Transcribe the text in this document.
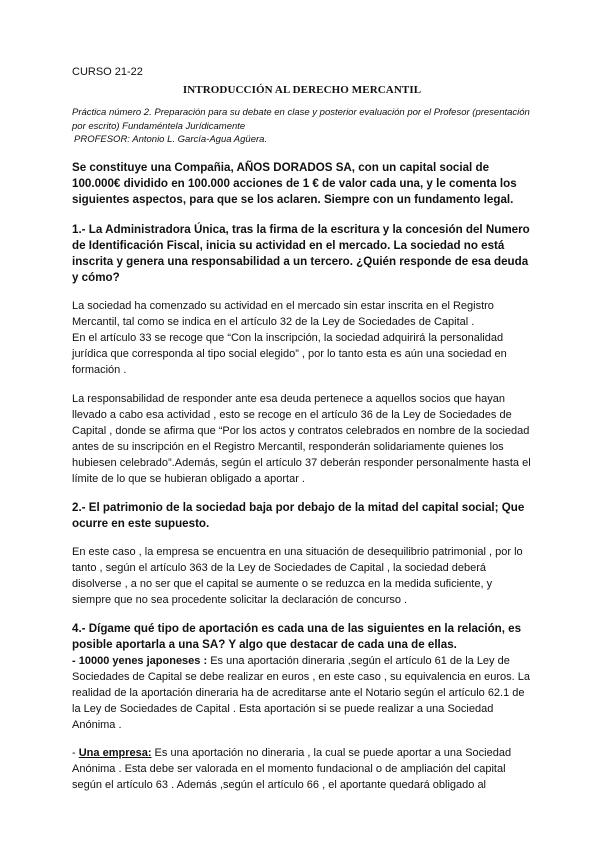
CURSO 21-22

INTRODUCCIÓN AL DERECHO MERCANTIL

Práctica número 2. Preparación para su debate en clase y posterior evaluación por el Profesor (presentación por escrito) Fundaméntela Jurídicamente
PROFESOR: Antonio L. García-Agua Agüera.

Se constituye una Compañia, AÑOS DORADOS SA, con un capital social de 100.000€ dividido en 100.000 acciones de 1 € de valor cada una, y le comenta los siguientes aspectos, para que se los aclaren. Siempre con un fundamento legal.

1.- La Administradora Única, tras la firma de la escritura y la concesión del Numero de Identificación Fiscal, inicia su actividad en el mercado. La sociedad no está inscrita y genera una responsabilidad a un tercero. ¿Quién responde de esa deuda y cómo?

La sociedad ha comenzado su actividad en el mercado sin estar inscrita en el Registro Mercantil, tal como se indica en el artículo 32 de la Ley de Sociedades de Capital .
En el artículo 33 se recoge que “Con la inscripción, la sociedad adquirirá la personalidad jurídica que corresponda al tipo social elegido” , por lo tanto esta es aún una sociedad en formación .

La responsabilidad de responder ante esa deuda pertenece a aquellos socios que hayan llevado a cabo esa actividad , esto se recoge en el artículo 36 de la Ley de Sociedades de Capital , donde se afirma que “Por los actos y contratos celebrados en nombre de la sociedad antes de su inscripción en el Registro Mercantil, responderán solidariamente quienes los hubiesen celebrado”.Además, según el artículo 37 deberán responder personalmente hasta el límite de lo que se hubieran obligado a aportar .

2.- El patrimonio de la sociedad baja por debajo de la mitad del capital social; Que ocurre en este supuesto.

En este caso , la empresa se encuentra en una situación de desequilibrio patrimonial , por lo tanto , según el artículo 363 de la Ley de Sociedades de Capital , la sociedad deberá disolverse , a no ser que el capital se aumente o se reduzca en la medida suficiente, y siempre que no sea procedente solicitar la declaración de concurso .

4.- Dígame qué tipo de aportación es cada una de las siguientes en la relación, es posible aportarla a una SA? Y algo que destacar de cada una de ellas.

- 10000 yenes japoneses : Es una aportación dineraria ,según el artículo 61 de la Ley de Sociedades de Capital se debe realizar en euros , en este caso , su equivalencia en euros. La realidad de la aportación dineraria ha de acreditarse ante el Notario según el artículo 62.1 de la Ley de Sociedades de Capital . Esta aportación si se puede realizar a una Sociedad Anónima .

- Una empresa: Es una aportación no dineraria , la cual se puede aportar a una Sociedad Anónima . Esta debe ser valorada en el momento fundacional o de ampliación del capital según el artículo 63 . Además ,según el artículo 66 , el aportante quedará obligado al
